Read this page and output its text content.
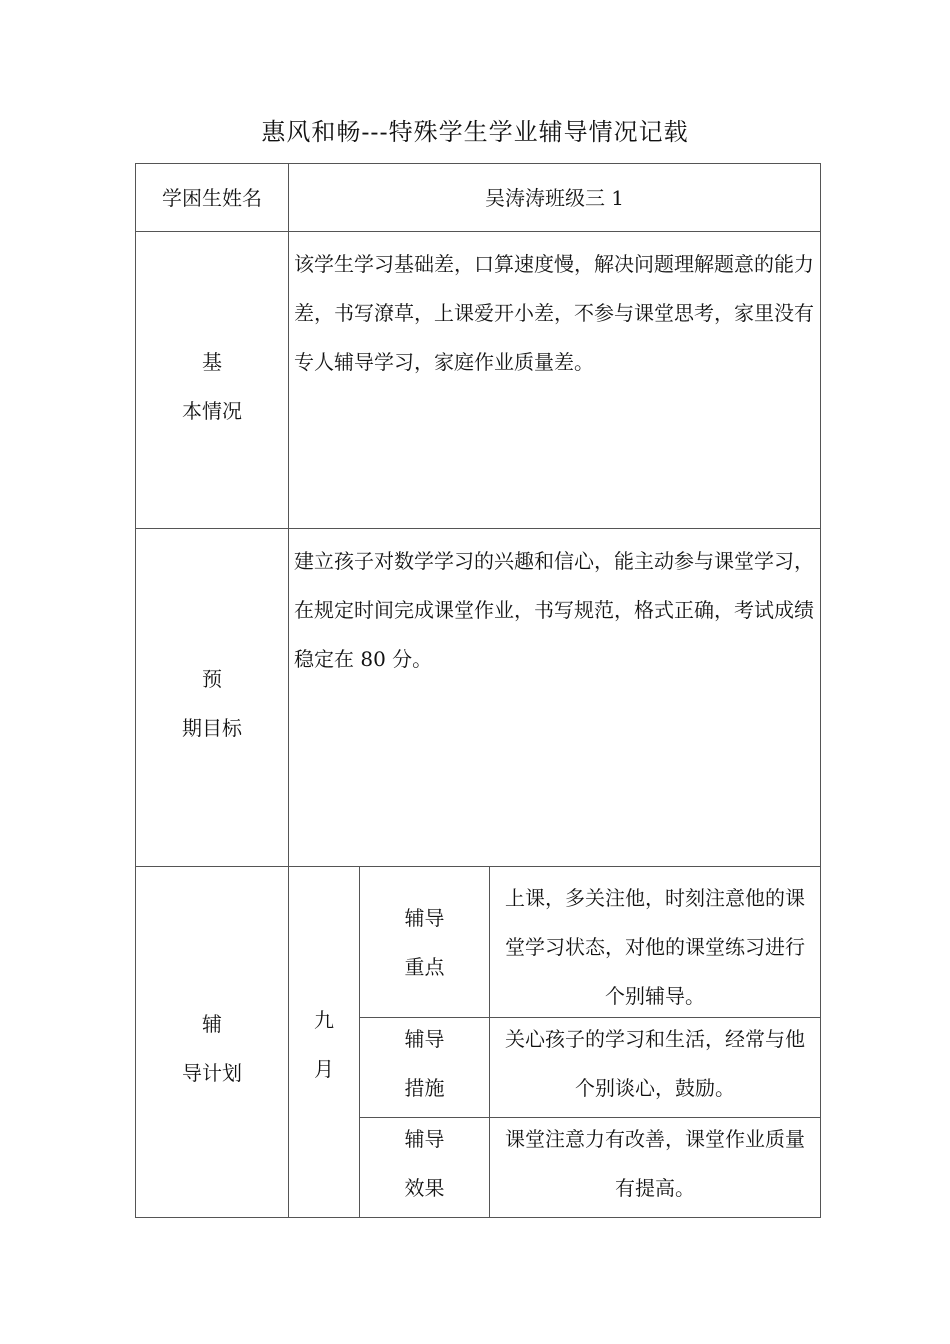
惠风和畅---特殊学生学业辅导情况记载
学困生姓名	吴涛涛班级三 1
基
本情况
该学生学习基础差，口算速度慢，解决问题理解题意的能力差，书写潦草，上课爱开小差，不参与课堂思考，家里没有专人辅导学习，家庭作业质量差。
预
期目标
建立孩子对数学学习的兴趣和信心，能主动参与课堂学习，在规定时间完成课堂作业，书写规范，格式正确，考试成绩稳定在 80 分。
辅
导计划
九
月
辅导
重点
上课，多关注他，时刻注意他的课堂学习状态，对他的课堂练习进行个别辅导。
辅导
措施
关心孩子的学习和生活，经常与他个别谈心，鼓励。
辅导
效果
课堂注意力有改善，课堂作业质量有提高。
